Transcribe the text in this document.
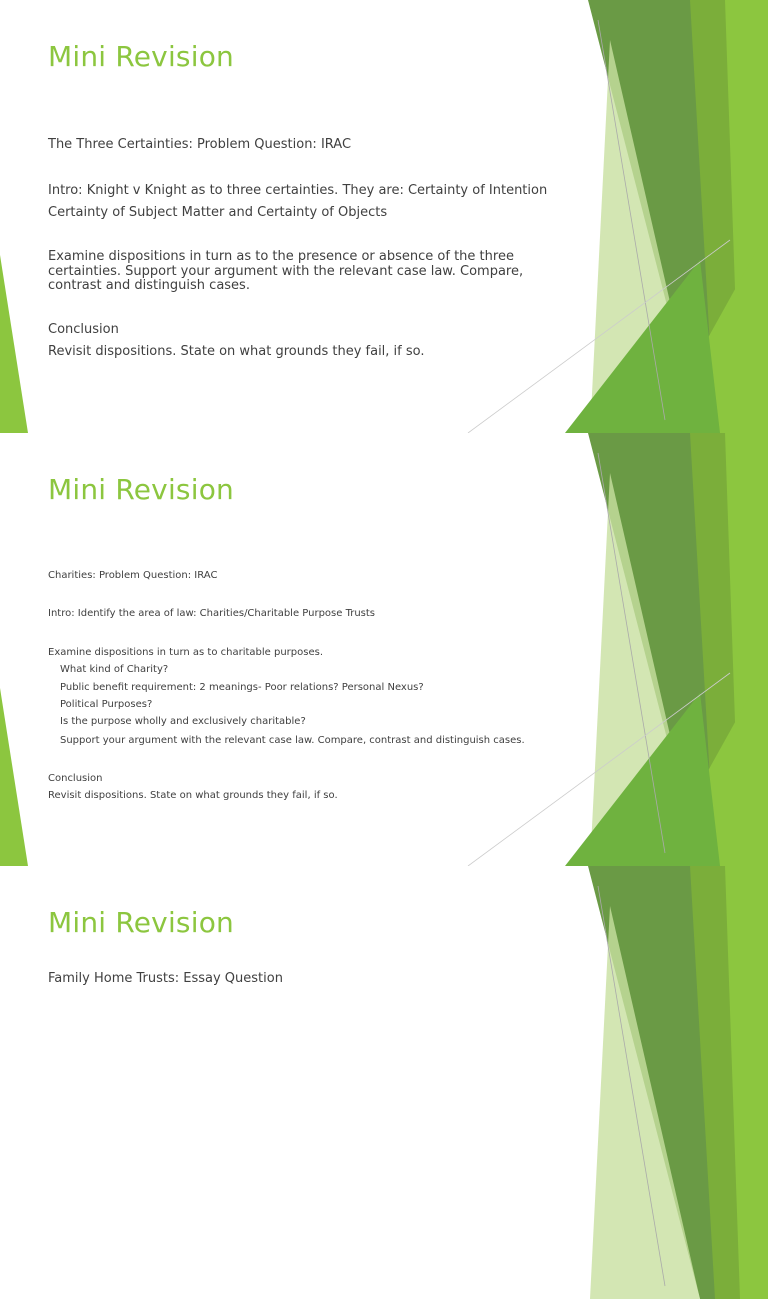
Mini Revision
The Three Certainties: Problem Question: IRAC
Intro: Knight v Knight as to three certainties. They are: Certainty of Intention
Certainty of Subject Matter and Certainty of Objects
Examine dispositions in turn as to the presence or absence of the three
certainties. Support your argument with the relevant case law. Compare,
contrast and distinguish cases.
Conclusion
Revisit dispositions. State on what grounds they fail, if so.
Mini Revision
Charities: Problem Question: IRAC
Intro: Identify the area of law: Charities/Charitable Purpose Trusts
Examine dispositions in turn as to charitable purposes.
What kind of Charity?
Public benefit requirement: 2 meanings- Poor relations? Personal Nexus?
Political Purposes?
Is the purpose wholly and exclusively charitable?
Support your argument with the relevant case law. Compare, contrast and distinguish cases.
Conclusion
Revisit dispositions. State on what grounds they fail, if so.
Mini Revision
Family Home Trusts: Essay Question
